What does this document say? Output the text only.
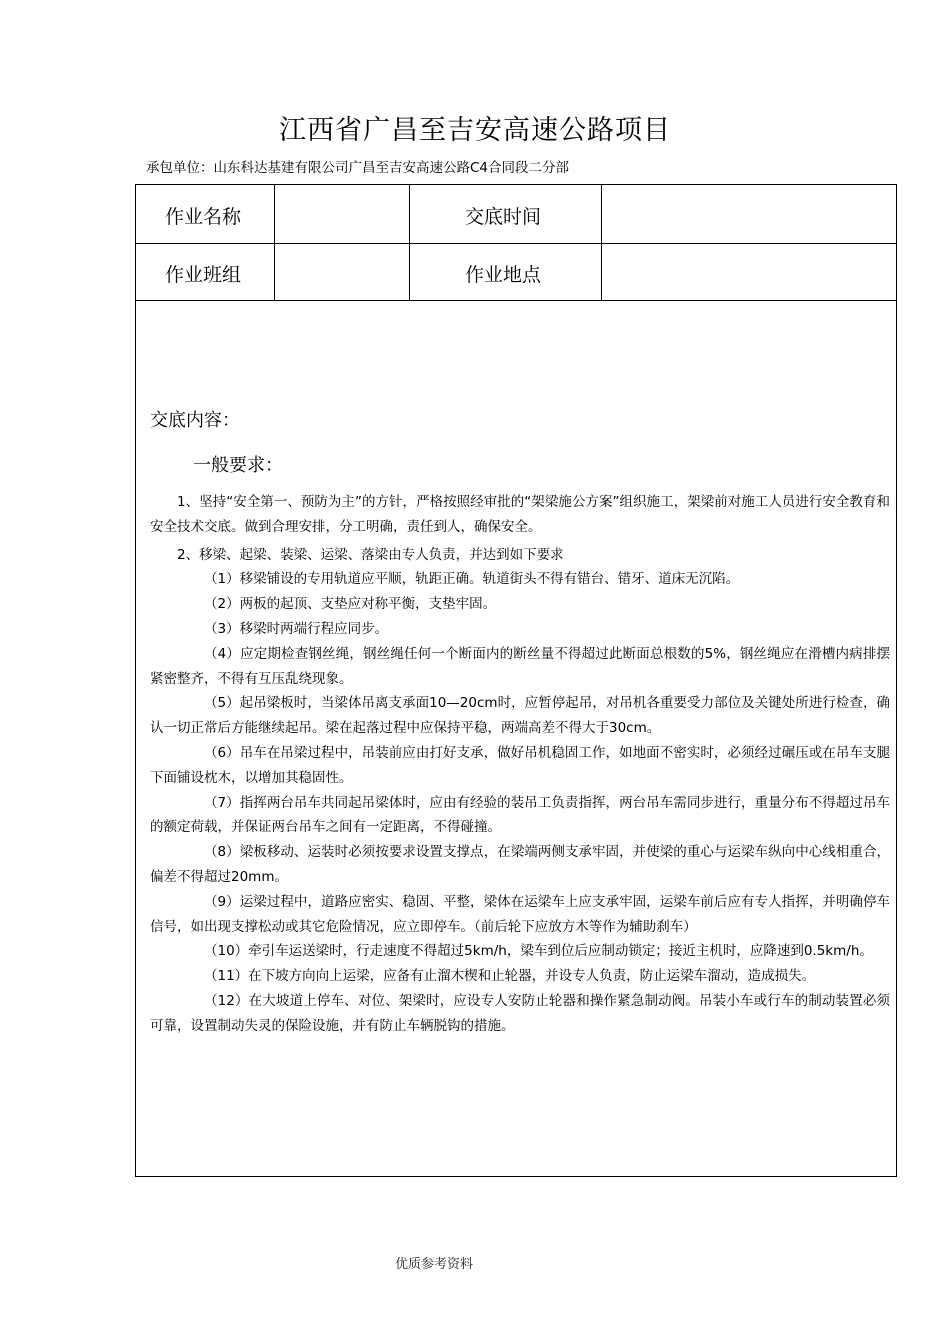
江西省广昌至吉安高速公路项目
承包单位：山东科达基建有限公司广昌至吉安高速公路C4合同段二分部
作业名称	交底时间
作业班组	作业地点
交底内容：
一般要求：

1、坚持“安全第一、预防为主”的方针，严格按照经审批的“架梁施公方案”组织施工，架梁前对施工人员进行安全教育和安全技术交底。做到合理安排，分工明确，责任到人，确保安全。

2、移梁、起梁、装梁、运梁、落梁由专人负责，并达到如下要求

（1）移梁铺设的专用轨道应平顺，轨距正确。轨道街头不得有错台、错牙、道床无沉陷。

（2）两板的起顶、支垫应对称平衡，支垫牢固。

（3）移梁时两端行程应同步。

（4）应定期检查钢丝绳，钢丝绳任何一个断面内的断丝量不得超过此断面总根数的5%，钢丝绳应在滑槽内病排摆紧密整齐，不得有互压乱绕现象。

（5）起吊梁板时，当梁体吊离支承面10—20cm时，应暂停起吊，对吊机各重要受力部位及关键处所进行检查，确认一切正常后方能继续起吊。梁在起落过程中应保持平稳，两端高差不得大于30cm。

（6）吊车在吊梁过程中，吊装前应由打好支承，做好吊机稳固工作，如地面不密实时，必须经过碾压或在吊车支腿下面铺设枕木，以增加其稳固性。

（7）指挥两台吊车共同起吊梁体时，应由有经验的装吊工负责指挥，两台吊车需同步进行，重量分布不得超过吊车的额定荷载，并保证两台吊车之间有一定距离，不得碰撞。

（8）梁板移动、运装时必须按要求设置支撑点，在梁端两侧支承牢固，并使梁的重心与运梁车纵向中心线相重合，偏差不得超过20mm。

（9）运梁过程中，道路应密实、稳固、平整，梁体在运梁车上应支承牢固，运梁车前后应有专人指挥，并明确停车信号，如出现支撑松动或其它危险情况，应立即停车。（前后轮下应放方木等作为辅助刹车）

（10）牵引车运送梁时，行走速度不得超过5km/h，梁车到位后应制动锁定；接近主机时，应降速到0.5km/h。

（11）在下坡方向向上运梁，应备有止溜木楔和止轮器，并设专人负责，防止运梁车溜动，造成损失。

（12）在大坡道上停车、对位、架梁时，应设专人安防止轮器和操作紧急制动阀。吊装小车或行车的制动装置必须可靠，设置制动失灵的保险设施，并有防止车辆脱钩的措施。

优质参考资料
